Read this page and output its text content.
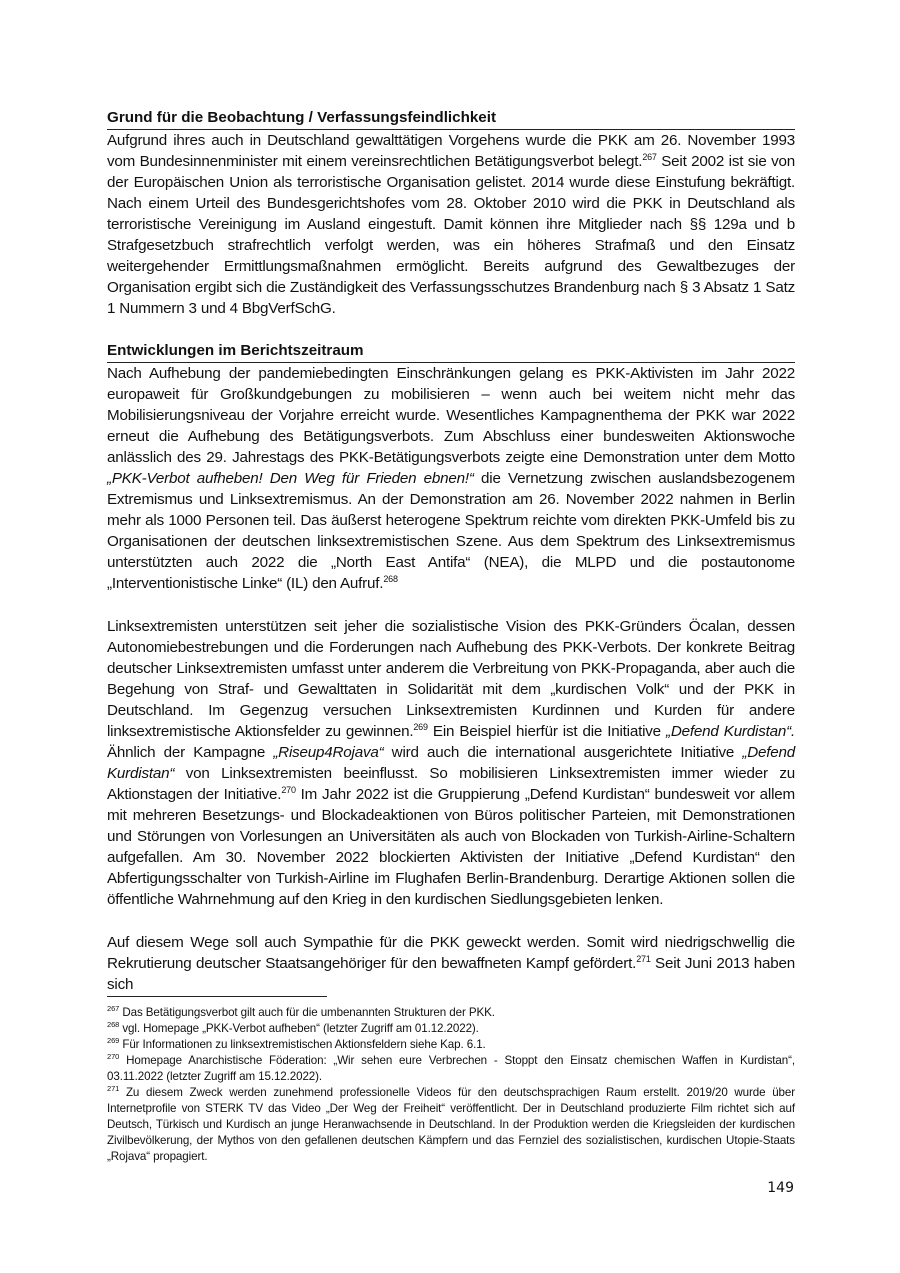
Grund für die Beobachtung / Verfassungsfeindlichkeit

Aufgrund ihres auch in Deutschland gewalttätigen Vorgehens wurde die PKK am 26. November 1993 vom Bundesinnenminister mit einem vereinsrechtlichen Betätigungsverbot belegt.$^{267}$ Seit 2002 ist sie von der Europäischen Union als terroristische Organisation gelistet. 2014 wurde diese Einstufung bekräftigt. Nach einem Urteil des Bundesgerichtshofes vom 28. Oktober 2010 wird die PKK in Deutschland als terroristische Vereinigung im Ausland eingestuft. Damit können ihre Mitglieder nach §§ 129a und b Strafgesetzbuch strafrechtlich verfolgt werden, was ein höheres Strafmaß und den Einsatz weitergehender Ermittlungsmaßnahmen ermöglicht. Bereits aufgrund des Gewaltbezuges der Organisation ergibt sich die Zuständigkeit des Verfassungsschutzes Brandenburg nach § 3 Absatz 1 Satz 1 Nummern 3 und 4 BbgVerfSchG.

Entwicklungen im Berichtszeitraum

Nach Aufhebung der pandemiebedingten Einschränkungen gelang es PKK-Aktivisten im Jahr 2022 europaweit für Großkundgebungen zu mobilisieren – wenn auch bei weitem nicht mehr das Mobilisierungsniveau der Vorjahre erreicht wurde. Wesentliches Kampagnenthema der PKK war 2022 erneut die Aufhebung des Betätigungsverbots. Zum Abschluss einer bundesweiten Aktionswoche anlässlich des 29. Jahrestags des PKK-Betätigungsverbots zeigte eine Demonstration unter dem Motto „PKK-Verbot aufheben! Den Weg für Frieden ebnen!“ die Vernetzung zwischen auslandsbezogenem Extremismus und Linksextremismus. An der Demonstration am 26. November 2022 nahmen in Berlin mehr als 1000 Personen teil. Das äußerst heterogene Spektrum reichte vom direkten PKK-Umfeld bis zu Organisationen der deutschen linksextremistischen Szene. Aus dem Spektrum des Linksextremismus unterstützten auch 2022 die „North East Antifa“ (NEA), die MLPD und die postautonome „Interventionistische Linke“ (IL) den Aufruf.$^{268}$

Linksextremisten unterstützen seit jeher die sozialistische Vision des PKK-Gründers Öcalan, dessen Autonomiebestrebungen und die Forderungen nach Aufhebung des PKK-Verbots. Der konkrete Beitrag deutscher Linksextremisten umfasst unter anderem die Verbreitung von PKK-Propaganda, aber auch die Begehung von Straf- und Gewalttaten in Solidarität mit dem „kurdischen Volk“ und der PKK in Deutschland. Im Gegenzug versuchen Linksextremisten Kurdinnen und Kurden für andere linksextremistische Aktionsfelder zu gewinnen.$^{269}$ Ein Beispiel hierfür ist die Initiative „Defend Kurdistan“. Ähnlich der Kampagne „Riseup4Rojava“ wird auch die international ausgerichtete Initiative „Defend Kurdistan“ von Linksextremisten beeinflusst. So mobilisieren Linksextremisten immer wieder zu Aktionstagen der Initiative.$^{270}$ Im Jahr 2022 ist die Gruppierung „Defend Kurdistan“ bundesweit vor allem mit mehreren Besetzungs- und Blockadeaktionen von Büros politischer Parteien, mit Demonstrationen und Störungen von Vorlesungen an Universitäten als auch von Blockaden von Turkish-Airline-Schaltern aufgefallen. Am 30. November 2022 blockierten Aktivisten der Initiative „Defend Kurdistan“ den Abfertigungsschalter von Turkish-Airline im Flughafen Berlin-Brandenburg. Derartige Aktionen sollen die öffentliche Wahrnehmung auf den Krieg in den kurdischen Siedlungsgebieten lenken.

Auf diesem Wege soll auch Sympathie für die PKK geweckt werden. Somit wird niedrigschwellig die Rekrutierung deutscher Staatsangehöriger für den bewaffneten Kampf gefördert.$^{271}$ Seit Juni 2013 haben sich

$^{267}$ Das Betätigungsverbot gilt auch für die umbenannten Strukturen der PKK.

$^{268}$ vgl. Homepage „PKK-Verbot aufheben“ (letzter Zugriff am 01.12.2022).

$^{269}$ Für Informationen zu linksextremistischen Aktionsfeldern siehe Kap. 6.1.

$^{270}$ Homepage Anarchistische Föderation: „Wir sehen eure Verbrechen - Stoppt den Einsatz chemischen Waffen in Kurdistan“, 03.11.2022 (letzter Zugriff am 15.12.2022).

$^{271}$ Zu diesem Zweck werden zunehmend professionelle Videos für den deutschsprachigen Raum erstellt. 2019/20 wurde über Internetprofile von STERK TV das Video „Der Weg der Freiheit“ veröffentlicht. Der in Deutschland produzierte Film richtet sich auf Deutsch, Türkisch und Kurdisch an junge Heranwachsende in Deutschland. In der Produktion werden die Kriegsleiden der kurdischen Zivilbevölkerung, der Mythos von den gefallenen deutschen Kämpfern und das Fernziel des sozialistischen, kurdischen Utopie-Staats „Rojava“ propagiert.

149
